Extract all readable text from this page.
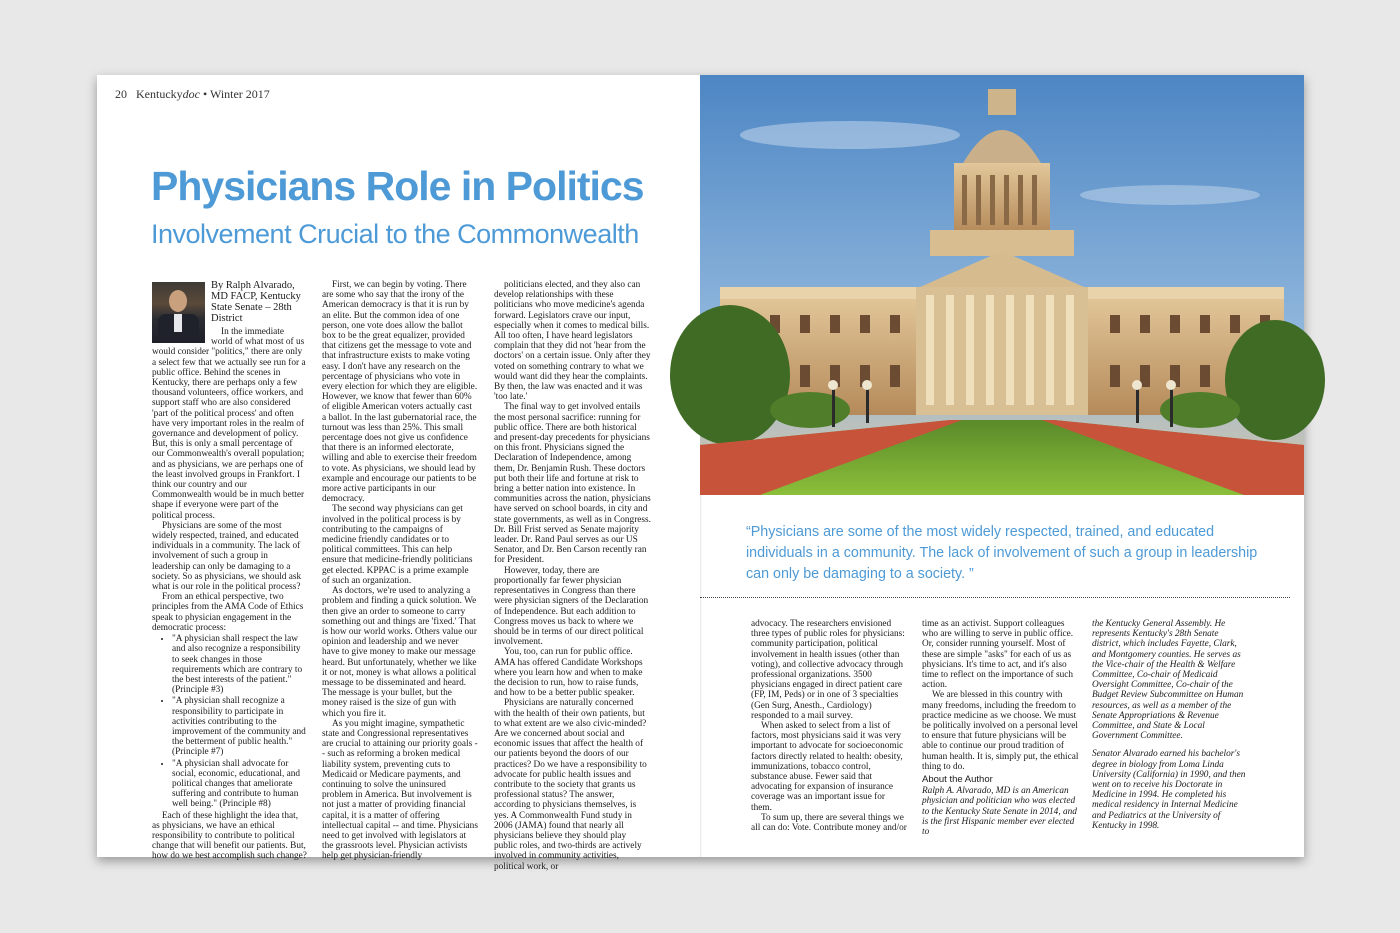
20 Kentuckydoc • Winter 2017
Physicians Role in Politics
Involvement Crucial to the Commonwealth
By Ralph Alvarado, MD FACP, Kentucky State Senate – 28th District

In the immediate world of what most of us would consider "politics," there are only a select few that we actually see run for a public office. Behind the scenes in Kentucky, there are perhaps only a few thousand volunteers, office workers, and support staff who are also considered 'part of the political process' and often have very important roles in the realm of governance and development of policy. But, this is only a small percentage of our Commonwealth's overall population; and as physicians, we are perhaps one of the least involved groups in Frankfort. I think our country and our Commonwealth would be in much better shape if everyone were part of the political process.

Physicians are some of the most widely respected, trained, and educated individuals in a community. The lack of involvement of such a group in leadership can only be damaging to a society. So as physicians, we should ask what is our role in the political process?

From an ethical perspective, two principles from the AMA Code of Ethics speak to physician engagement in the democratic process:

• "A physician shall respect the law and also recognize a responsibility to seek changes in those requirements which are contrary to the best interests of the patient." (Principle #3)
• "A physician shall recognize a responsibility to participate in activities contributing to the improvement of the community and the betterment of public health." (Principle #7)
• "A physician shall advocate for social, economic, educational, and political changes that ameliorate suffering and contribute to human well being." (Principle #8)

Each of these highlight the idea that, as physicians, we have an ethical responsibility to contribute to political change that will benefit our patients. But, how do we best accomplish such change?

First, we can begin by voting. There are some who say that the irony of the American democracy is that it is run by an elite. But the common idea of one person, one vote does allow the ballot box to be the great equalizer, provided that citizens get the message to vote and that infrastructure exists to make voting easy. I don't have any research on the percentage of physicians who vote in every election for which they are eligible. However, we know that fewer than 60% of eligible American voters actually cast a ballot. In the last gubernatorial race, the turnout was less than 25%. This small percentage does not give us confidence that there is an informed electorate, willing and able to exercise their freedom to vote. As physicians, we should lead by example and encourage our patients to be more active participants in our democracy.

The second way physicians can get involved in the political process is by contributing to the campaigns of medicine friendly candidates or to political committees. This can help ensure that medicine-friendly politicians get elected. KPPAC is a prime example of such an organization.

As doctors, we're used to analyzing a problem and finding a quick solution. We then give an order to someone to carry something out and things are 'fixed.' That is how our world works. Others value our opinion and leadership and we never have to give money to make our message heard. But unfortunately, whether we like it or not, money is what allows a political message to be disseminated and heard. The message is your bullet, but the money raised is the size of gun with which you fire it.

As you might imagine, sympathetic state and Congressional representatives are crucial to attaining our priority goals -- such as reforming a broken medical liability system, preventing cuts to Medicaid or Medicare payments, and continuing to solve the uninsured problem in America. But involvement is not just a matter of providing financial capital, it is a matter of offering intellectual capital -- and time. Physicians need to get involved with legislators at the grassroots level. Physician activists help get physician-friendly

politicians elected, and they also can develop relationships with these politicians who move medicine's agenda forward. Legislators crave our input, especially when it comes to medical bills. All too often, I have heard legislators complain that they did not 'hear from the doctors' on a certain issue. Only after they voted on something contrary to what we would want did they hear the complaints. By then, the law was enacted and it was 'too late.'

The final way to get involved entails the most personal sacrifice: running for public office. There are both historical and present-day precedents for physicians on this front. Physicians signed the Declaration of Independence, among them, Dr. Benjamin Rush. These doctors put both their life and fortune at risk to bring a better nation into existence. In communities across the nation, physicians have served on school boards, in city and state governments, as well as in Congress. Dr. Bill Frist served as Senate majority leader. Dr. Rand Paul serves as our US Senator, and Dr. Ben Carson recently ran for President.

However, today, there are proportionally far fewer physician representatives in Congress than there were physician signers of the Declaration of Independence. But each addition to Congress moves us back to where we should be in terms of our direct political involvement.

You, too, can run for public office. AMA has offered Candidate Workshops where you learn how and when to make the decision to run, how to raise funds, and how to be a better public speaker.

Physicians are naturally concerned with the health of their own patients, but to what extent are we also civic-minded? Are we concerned about social and economic issues that affect the health of our patients beyond the doors of our practices? Do we have a responsibility to advocate for public health issues and contribute to the society that grants us professional status? The answer, according to physicians themselves, is yes. A Commonwealth Fund study in 2006 (JAMA) found that nearly all physicians believe they should play public roles, and two-thirds are actively involved in community activities, political work, or

“Physicians are some of the most widely respected, trained, and educated individuals in a community. The lack of involvement of such a group in leadership can only be damaging to a society. ”

advocacy. The researchers envisioned three types of public roles for physicians: community participation, political involvement in health issues (other than voting), and collective advocacy through professional organizations. 3500 physicians engaged in direct patient care (FP, IM, Peds) or in one of 3 specialties (Gen Surg, Anesth., Cardiology) responded to a mail survey.

When asked to select from a list of factors, most physicians said it was very important to advocate for socioeconomic factors directly related to health: obesity, immunizations, tobacco control, substance abuse. Fewer said that advocating for expansion of insurance coverage was an important issue for them.

To sum up, there are several things we all can do: Vote. Contribute money and/or

time as an activist. Support colleagues who are willing to serve in public office. Or, consider running yourself. Most of these are simple "asks" for each of us as physicians. It's time to act, and it's also time to reflect on the importance of such action.

We are blessed in this country with many freedoms, including the freedom to practice medicine as we choose. We must be politically involved on a personal level to ensure that future physicians will be able to continue our proud tradition of human health. It is, simply put, the ethical thing to do.

About the Author

Ralph A. Alvarado, MD is an American physician and politician who was elected to the Kentucky State Senate in 2014, and is the first Hispanic member ever elected to

the Kentucky General Assembly. He represents Kentucky's 28th Senate district, which includes Fayette, Clark, and Montgomery counties. He serves as the Vice-chair of the Health & Welfare Committee, Co-chair of Medicaid Oversight Committee, Co-chair of the Budget Review Subcommittee on Human resources, as well as a member of the Senate Appropriations & Revenue Committee, and State & Local Government Committee.

Senator Alvarado earned his bachelor's degree in biology from Loma Linda University (California) in 1990, and then went on to receive his Doctorate in Medicine in 1994. He completed his medical residency in Internal Medicine and Pediatrics at the University of Kentucky in 1998.
